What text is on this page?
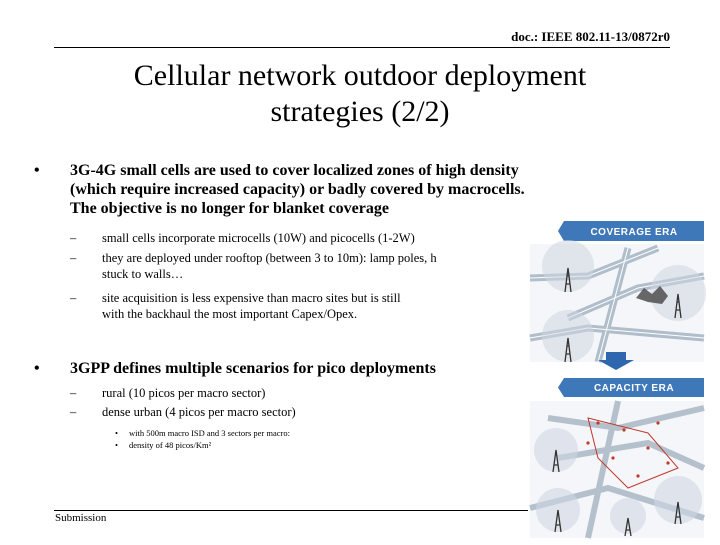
doc.: IEEE 802.11-13/0872r0
Cellular network outdoor deployment
strategies (2/2)
• 3G-4G small cells are used to cover localized zones of high density
(which require increased capacity) or badly covered by macrocells.
The objective is no longer for blanket coverage
– small cells incorporate microcells (10W) and picocells (1-2W)
– they are deployed under rooftop (between 3 to 10m): lamp poles, h
stuck to walls…
– site acquisition is less expensive than macro sites but is still
with the backhaul the most important Capex/Opex.
• 3GPP defines multiple scenarios for pico deployments
– rural (10 picos per macro sector)
– dense urban (4 picos per macro sector)
• with 500m macro ISD and 3 sectors per macro:
• density of 48 picos/Km²
COVERAGE ERA
CAPACITY ERA
Submission
